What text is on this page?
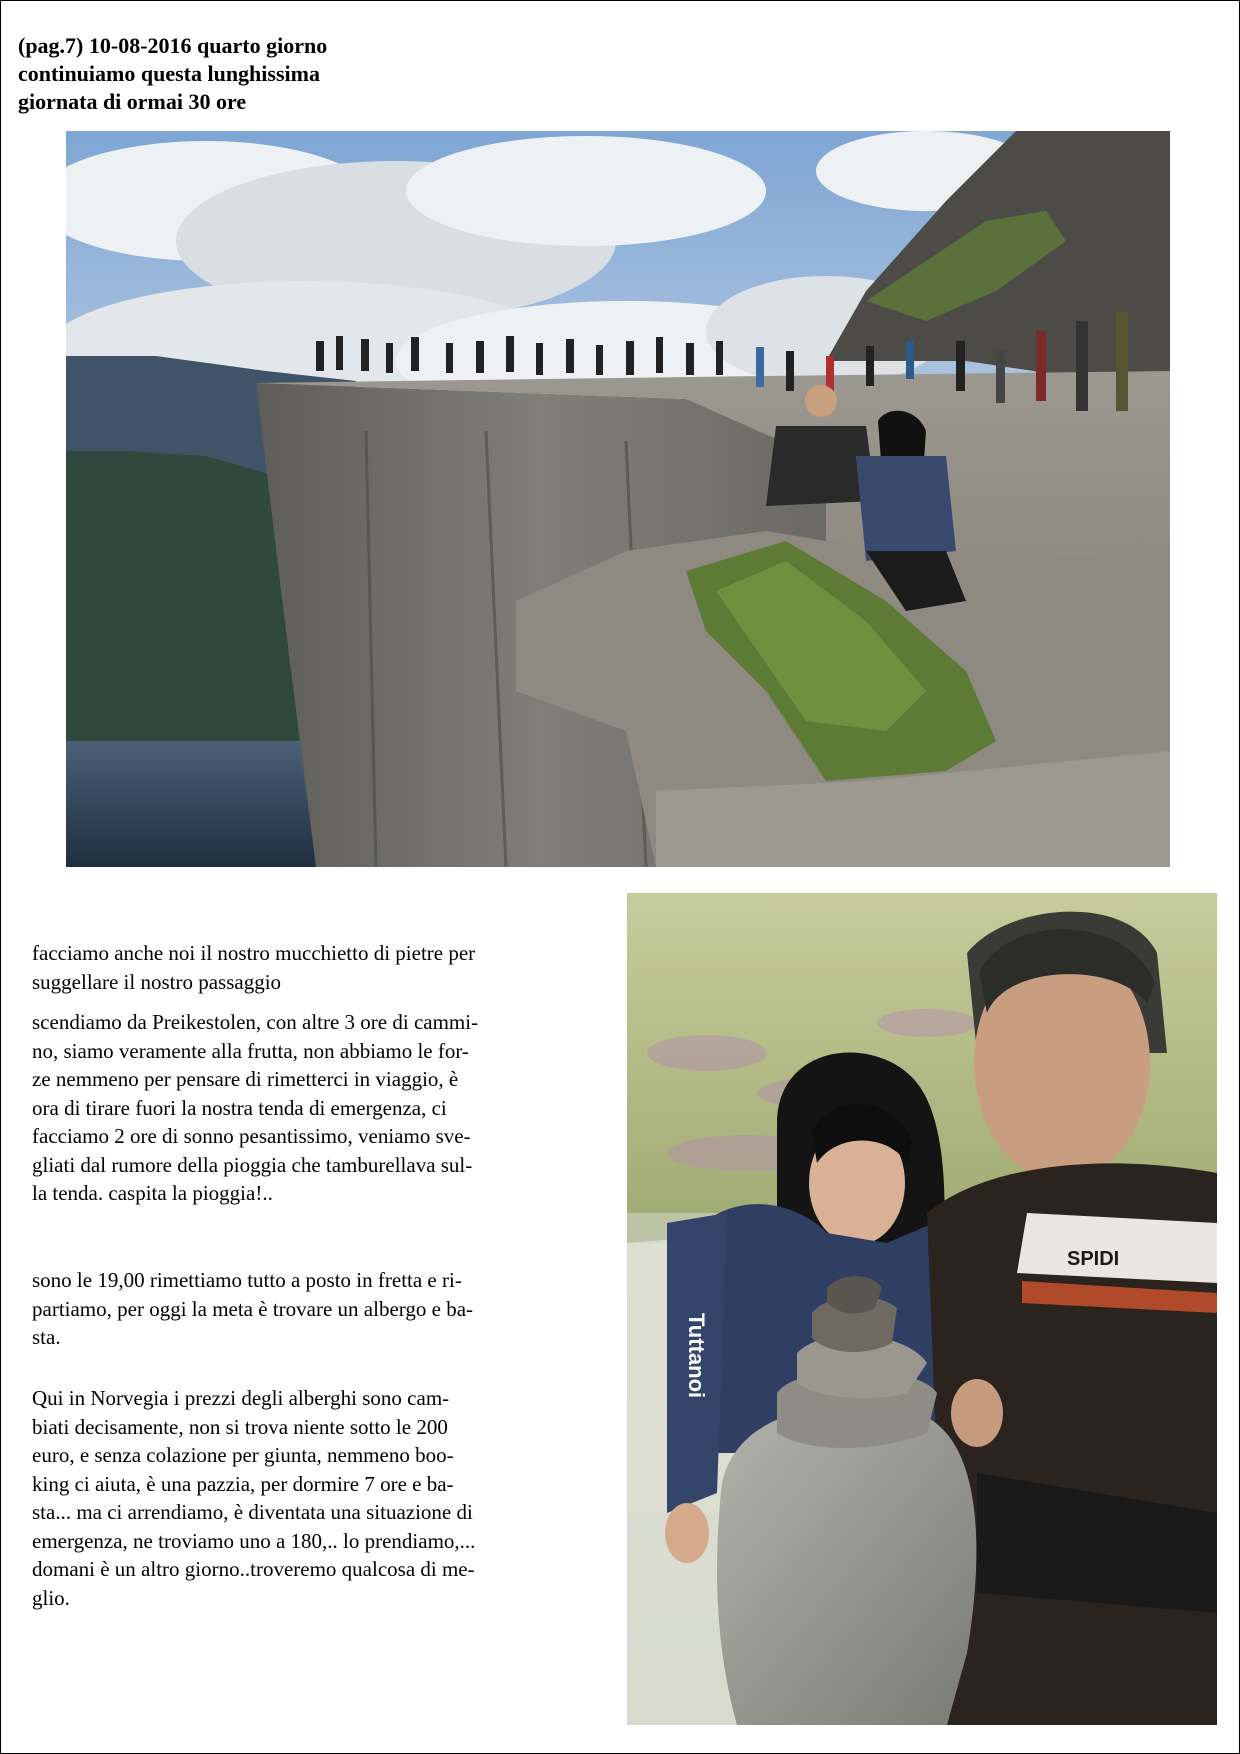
(pag.7) 10-08-2016 quarto giorno
continuiamo questa lunghissima
giornata di ormai 30 ore

facciamo anche noi il nostro mucchietto di pietre per

suggellare il nostro passaggio

scendiamo da Preikestolen, con altre 3 ore di cammi-

no, siamo veramente alla frutta, non abbiamo le for-

ze nemmeno per pensare di rimetterci in viaggio, è

ora di tirare fuori la nostra tenda di emergenza, ci

facciamo 2 ore di sonno pesantissimo, veniamo sve-

gliati dal rumore della pioggia che tamburellava sul-

la tenda. caspita la pioggia!..

sono le 19,00 rimettiamo tutto a posto in fretta e ri-

partiamo, per oggi la meta è trovare un albergo e ba-

sta.

Qui in Norvegia i prezzi degli alberghi sono cam-

biati decisamente, non si trova niente sotto le 200

euro, e senza colazione per giunta, nemmeno boo-

king ci aiuta, è una pazzia, per dormire 7 ore e ba-

sta... ma ci arrendiamo, è diventata una situazione di

emergenza, ne troviamo uno a 180,.. lo prendiamo,...

domani è un altro giorno..troveremo qualcosa di me-

glio.

Tuttanoi
SPIDI
